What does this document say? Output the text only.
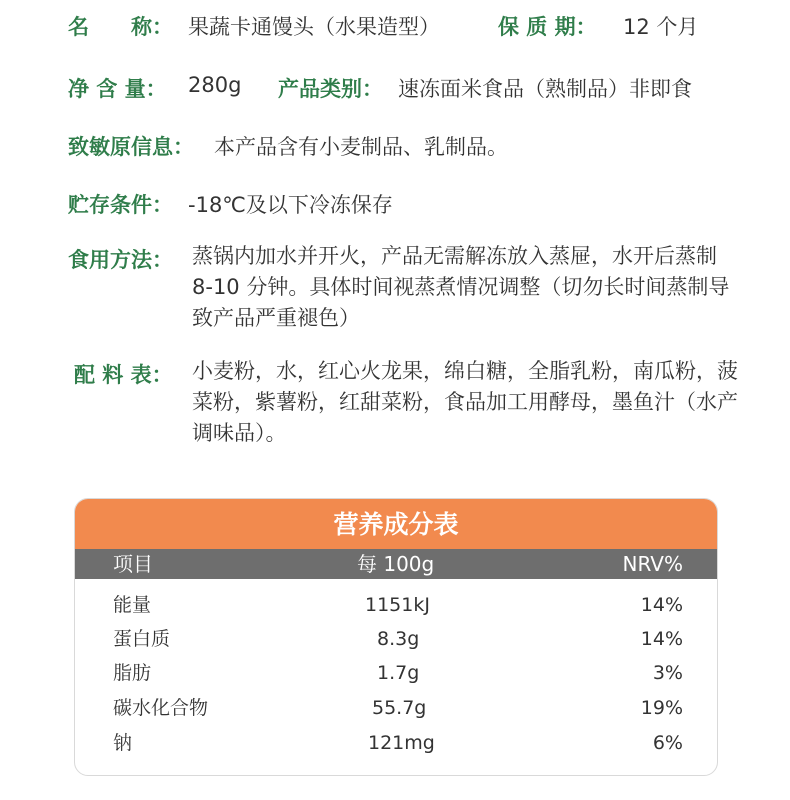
名　　称： 果蔬卡通馒头（水果造型）	保 质 期： 12 个月
净 含 量： 280g 产品类别： 速冻面米食品（熟制品）非即食
致敏原信息： 本产品含有小麦制品、乳制品。
贮存条件： -18℃及以下冷冻保存
食用方法： 蒸锅内加水并开火，产品无需解冻放入蒸屉，水开后蒸制 8-10 分钟。具体时间视蒸煮情况调整（切勿长时间蒸制导致产品严重褪色）
配 料 表： 小麦粉，水，红心火龙果，绵白糖，全脂乳粉，南瓜粉，菠菜粉，紫薯粉，红甜菜粉，食品加工用酵母，墨鱼汁（水产调味品）。
营养成分表
项目	每 100g	NRV%
能量	1151kJ	14%
蛋白质	8.3g	14%
脂肪	1.7g	3%
碳水化合物	55.7g	19%
钠	121mg	6%
